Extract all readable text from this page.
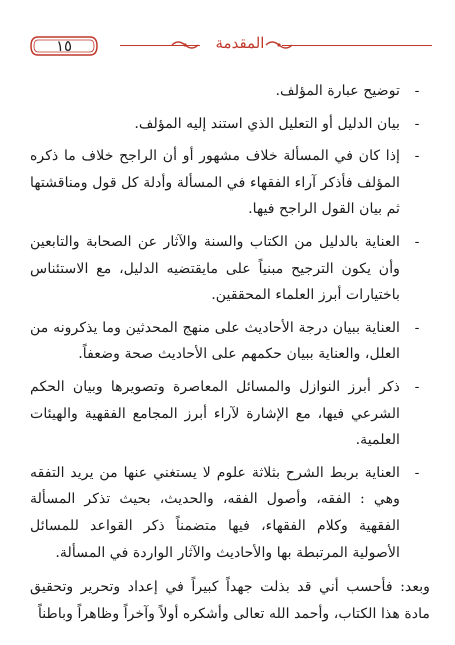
١٥	المقدمة
-
توضيح عبارة المؤلف.
-
بيان الدليل أو التعليل الذي استند إليه المؤلف.
-
إذا كان في المسألة خلاف مشهور أو أن الراجح خلاف ما ذكره المؤلف فأذكر آراء الفقهاء في المسألة وأدلة كل قول ومناقشتها ثم بيان القول الراجح فيها.
-
العناية بالدليل من الكتاب والسنة والآثار عن الصحابة والتابعين وأن يكون الترجيح مبنياً على مايقتضيه الدليل، مع الاستئناس باختيارات أبرز العلماء المحققين.
-
العناية ببيان درجة الأحاديث على منهج المحدثين وما يذكرونه من العلل، والعناية ببيان حكمهم على الأحاديث صحة وضعفاً.
-
ذكر أبرز النوازل والمسائل المعاصرة وتصويرها وبيان الحكم الشرعي فيها، مع الإشارة لآراء أبرز المجامع الفقهية والهيئات العلمية.
-
العناية بربط الشرح بثلاثة علوم لا يستغني عنها من يريد التفقه وهي : الفقه، وأصول الفقه، والحديث، بحيث تذكر المسألة الفقهية وكلام الفقهاء، فيها متضمناً ذكر القواعد للمسائل الأصولية المرتبطة بها والأحاديث والآثار الواردة في المسألة.

وبعد: فأحسب أني قد بذلت جهداً كبيراً في إعداد وتحرير وتحقيق مادة هذا الكتاب، وأحمد الله تعالى وأشكره أولاً وآخراً وظاهراً وباطناً
